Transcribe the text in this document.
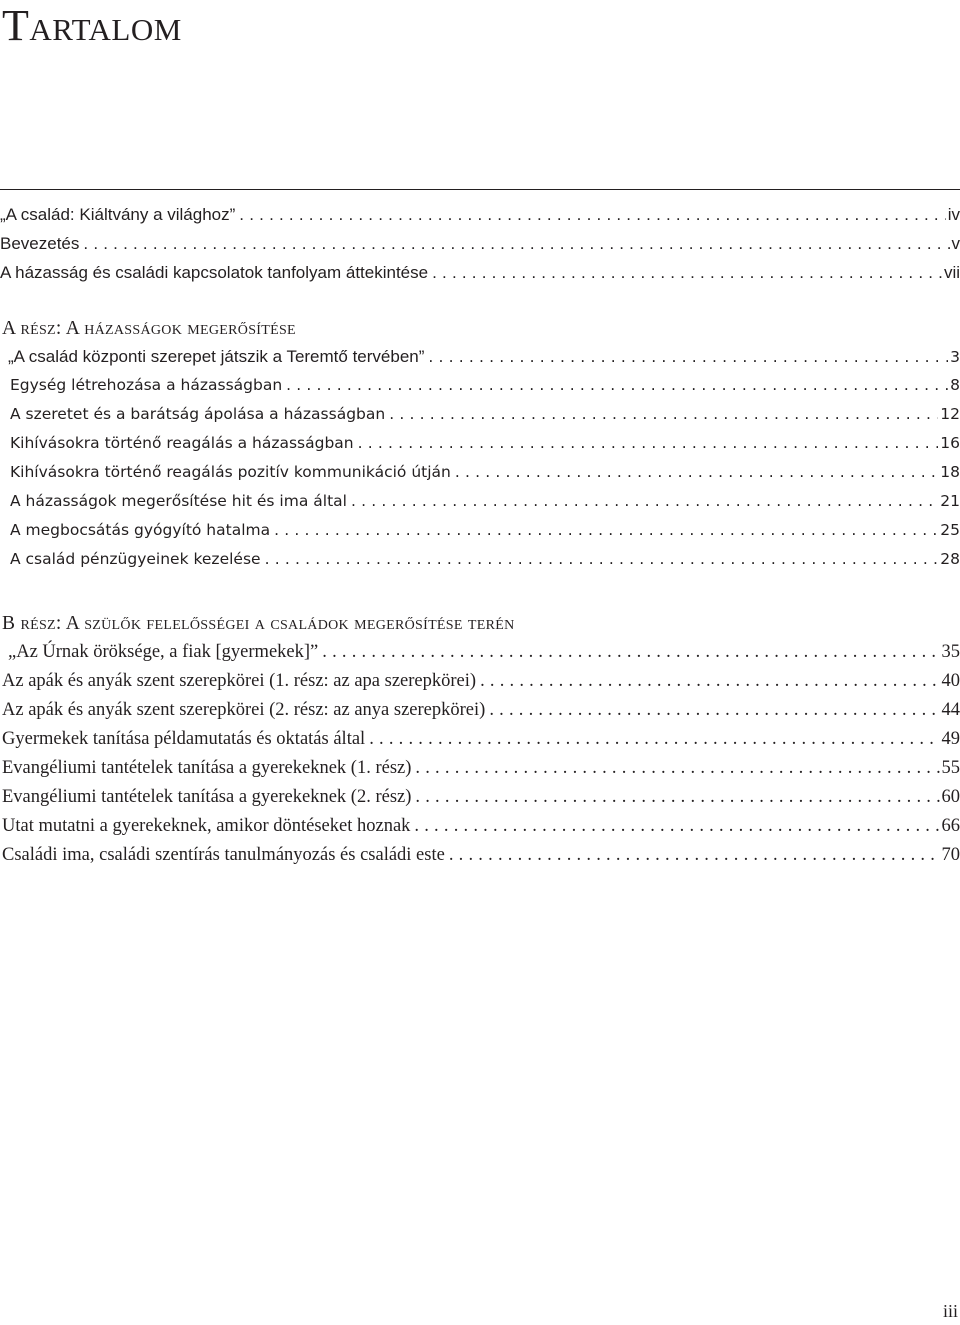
Tartalom
„A család: Kiáltvány a világhoz” .....	iv
Bevezetés .....	v
A házasság és családi kapcsolatok tanfolyam áttekintése .....	vii
A rész: A házasságok megerősítése
„A család központi szerepet játszik a Teremtő tervében” .....	3
Egység létrehozása a házasságban .....	8
A szeretet és a barátság ápolása a házasságban .....	12
Kihívásokra történő reagálás a házasságban .....	16
Kihívásokra történő reagálás pozitív kommunikáció útján .....	18
A házasságok megerősítése hit és ima által .....	21
A megbocsátás gyógyító hatalma .....	25
A család pénzügyeinek kezelése .....	28
B rész: A szülők felelősségei a családok megerősítése terén
„Az Úrnak öröksége, a fiak [gyermekek]” .....	35
Az apák és anyák szent szerepkörei (1. rész: az apa szerepkörei) .....	40
Az apák és anyák szent szerepkörei (2. rész: az anya szerepkörei) .....	44
Gyermekek tanítása példamutatás és oktatás által .....	49
Evangéliumi tantételek tanítása a gyerekeknek (1. rész) .....	55
Evangéliumi tantételek tanítása a gyerekeknek (2. rész) .....	60
Utat mutatni a gyerekeknek, amikor döntéseket hoznak .....	66
Családi ima, családi szentírás tanulmányozás és családi este .....	70
iii
